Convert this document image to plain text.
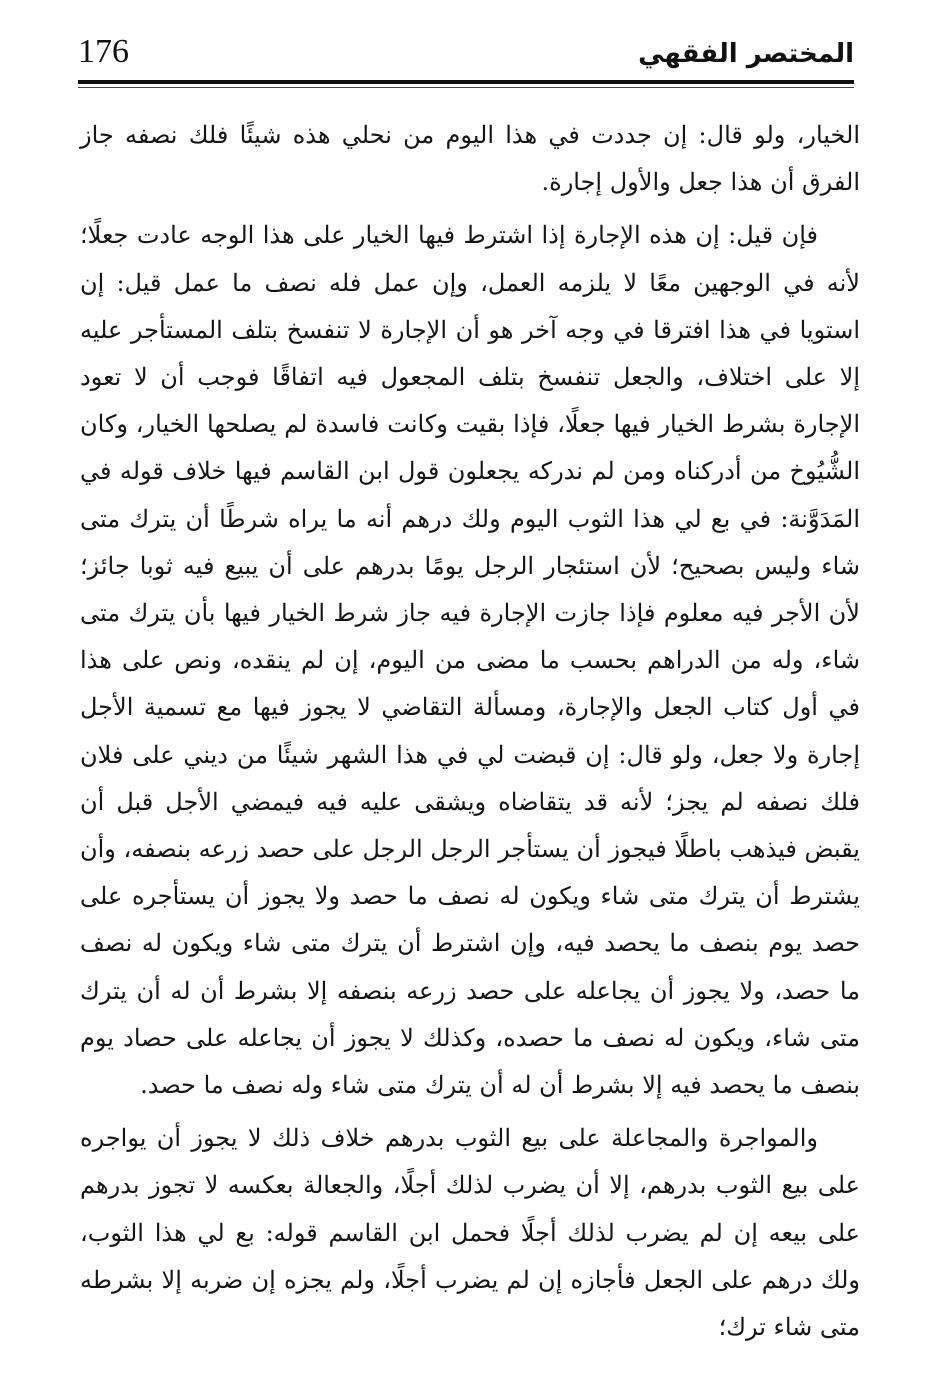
176	المختصر الفقهي

الخيار، ولو قال: إن جددت في هذا اليوم من نحلي هذه شيئًا فلك نصفه جاز الفرق أن هذا جعل والأول إجارة.

فإن قيل: إن هذه الإجارة إذا اشترط فيها الخيار على هذا الوجه عادت جعلًا؛ لأنه في الوجهين معًا لا يلزمه العمل، وإن عمل فله نصف ما عمل قيل: إن استويا في هذا افترقا في وجه آخر هو أن الإجارة لا تنفسخ بتلف المستأجر عليه إلا على اختلاف، والجعل تنفسخ بتلف المجعول فيه اتفاقًا فوجب أن لا تعود الإجارة بشرط الخيار فيها جعلًا، فإذا بقيت وكانت فاسدة لم يصلحها الخيار، وكان الشُّيُوخ من أدركناه ومن لم ندركه يجعلون قول ابن القاسم فيها خلاف قوله في المَدَوَّنة: في بع لي هذا الثوب اليوم ولك درهم أنه ما يراه شرطًا أن يترك متى شاء وليس بصحيح؛ لأن استئجار الرجل يومًا بدرهم على أن يبيع فيه ثوبا جائز؛ لأن الأجر فيه معلوم فإذا جازت الإجارة فيه جاز شرط الخيار فيها بأن يترك متى شاء، وله من الدراهم بحسب ما مضى من اليوم، إن لم ينقده، ونص على هذا في أول كتاب الجعل والإجارة، ومسألة التقاضي لا يجوز فيها مع تسمية الأجل إجارة ولا جعل، ولو قال: إن قبضت لي في هذا الشهر شيئًا من ديني على فلان فلك نصفه لم يجز؛ لأنه قد يتقاضاه ويشقى عليه فيه فيمضي الأجل قبل أن يقبض فيذهب باطلًا فيجوز أن يستأجر الرجل الرجل على حصد زرعه بنصفه، وأن يشترط أن يترك متى شاء ويكون له نصف ما حصد ولا يجوز أن يستأجره على حصد يوم بنصف ما يحصد فيه، وإن اشترط أن يترك متى شاء ويكون له نصف ما حصد، ولا يجوز أن يجاعله على حصد زرعه بنصفه إلا بشرط أن له أن يترك متى شاء، ويكون له نصف ما حصده، وكذلك لا يجوز أن يجاعله على حصاد يوم بنصف ما يحصد فيه إلا بشرط أن له أن يترك متى شاء وله نصف ما حصد.

والمواجرة والمجاعلة على بيع الثوب بدرهم خلاف ذلك لا يجوز أن يواجره على بيع الثوب بدرهم، إلا أن يضرب لذلك أجلًا، والجعالة بعكسه لا تجوز بدرهم على بيعه إن لم يضرب لذلك أجلًا فحمل ابن القاسم قوله: بع لي هذا الثوب، ولك درهم على الجعل فأجازه إن لم يضرب أجلًا، ولم يجزه إن ضربه إلا بشرطه متى شاء ترك؛
